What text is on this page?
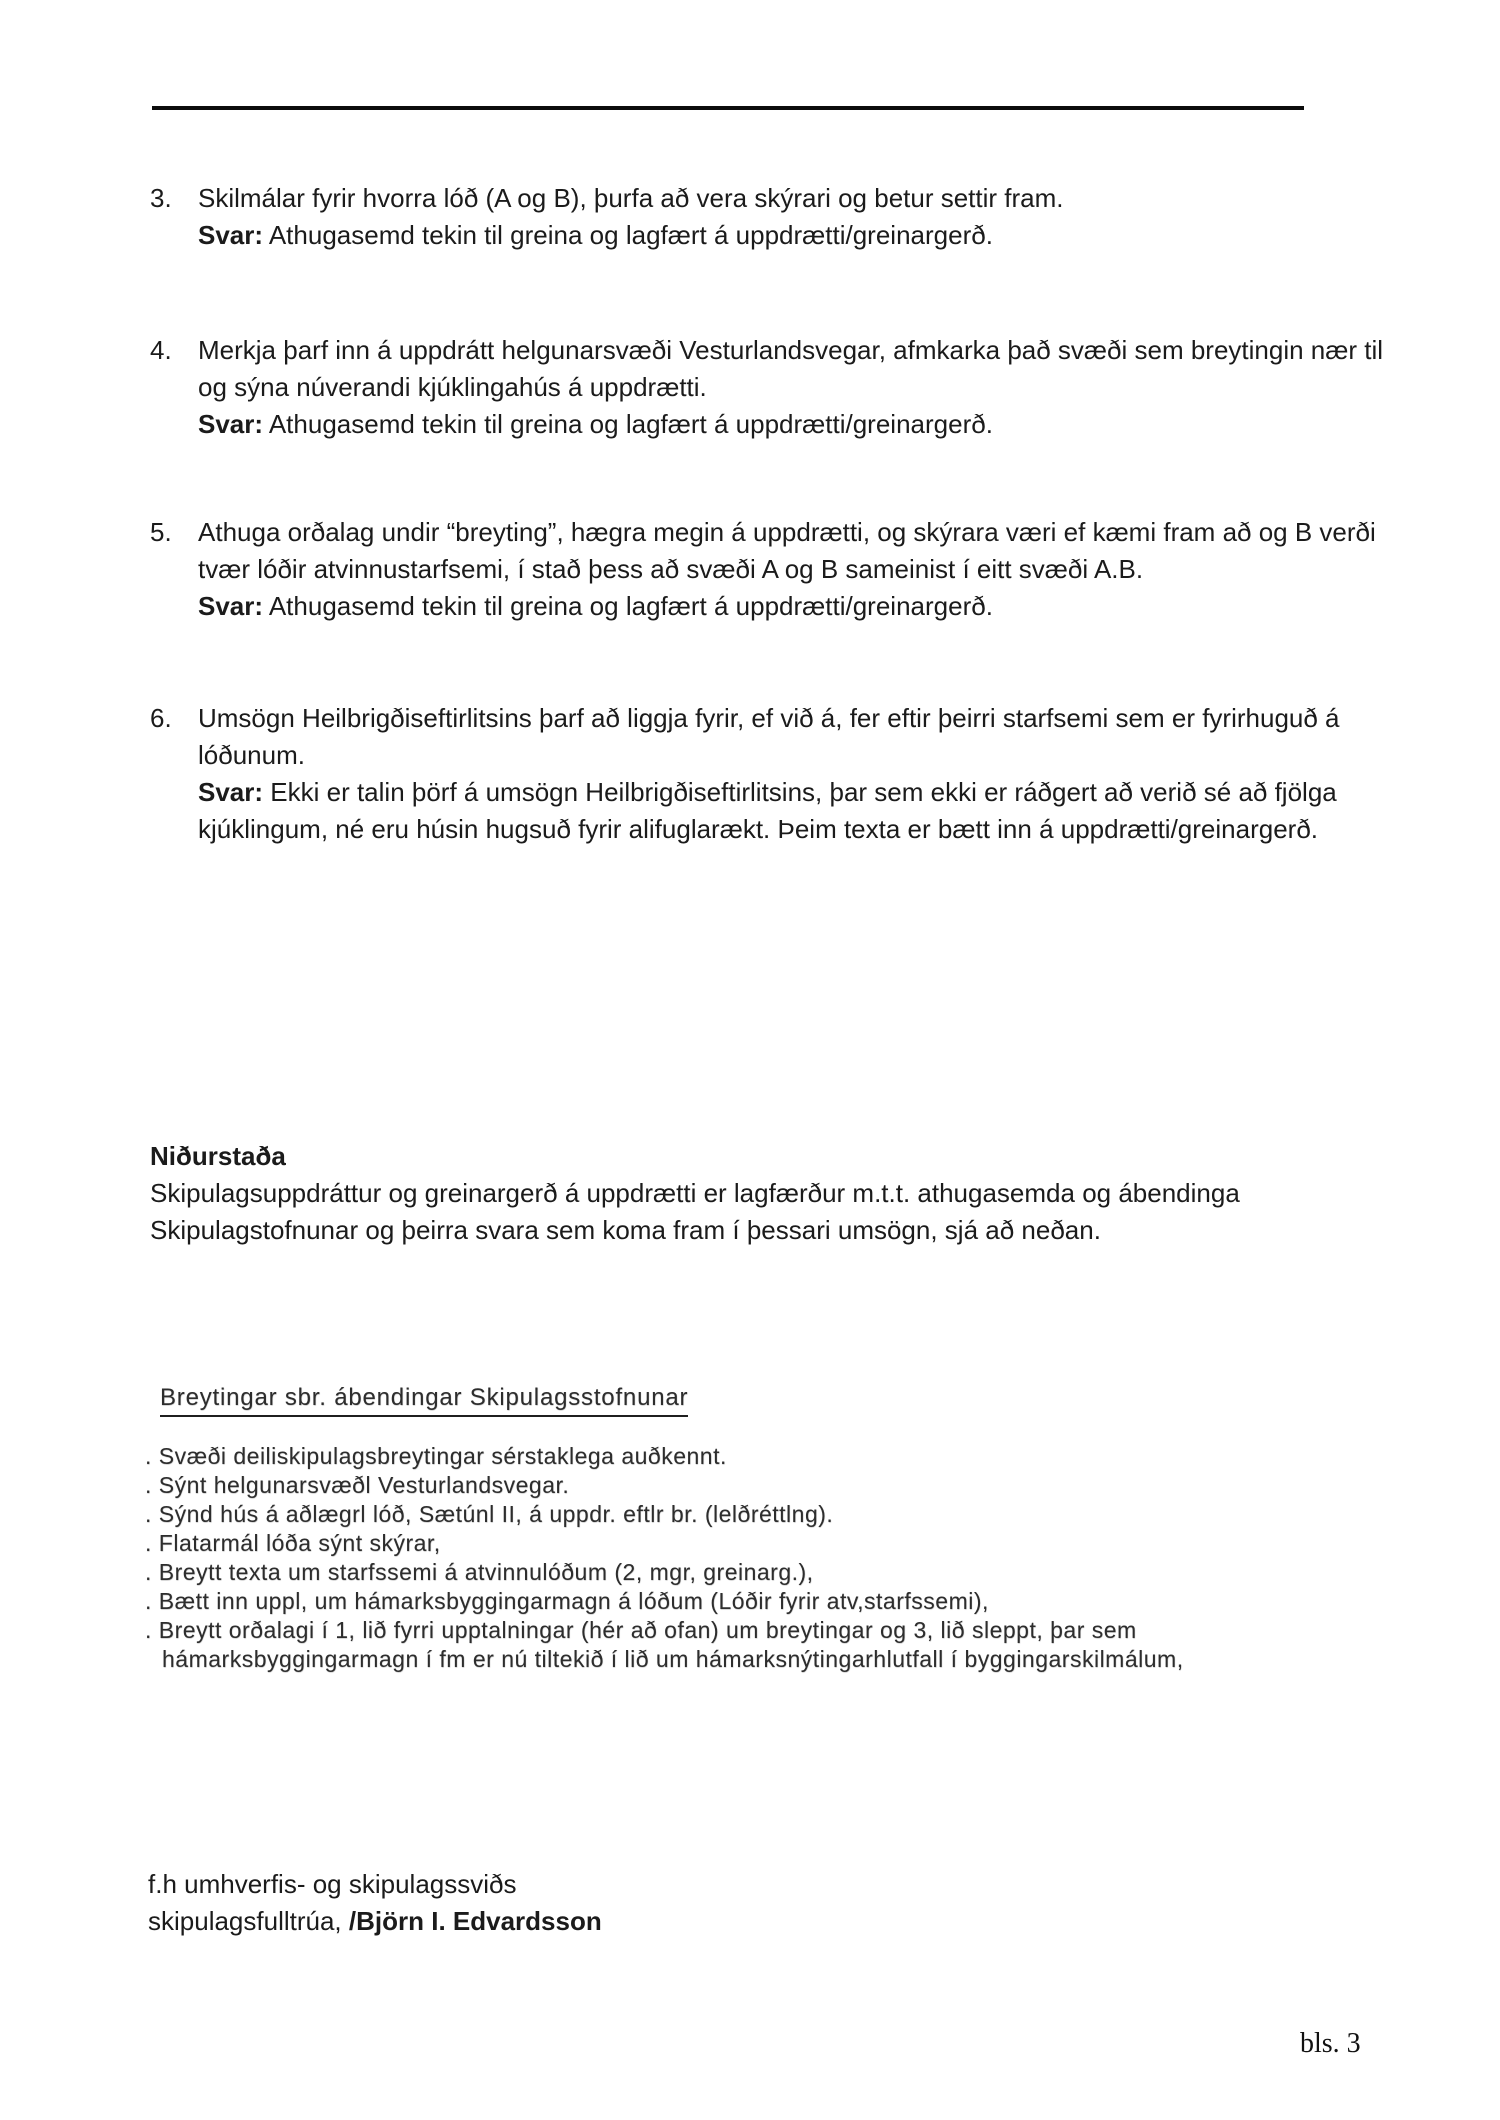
3.	Skilmálar fyrir hvorra lóð (A og B), þurfa að vera skýrari og betur settir fram.
Svar: Athugasemd tekin til greina og lagfært á uppdrætti/greinargerð.
4.	Merkja þarf inn á uppdrátt helgunarsvæði Vesturlandsvegar, afmkarka það svæði sem breytingin nær til og sýna núverandi kjúklingahús á uppdrætti.
Svar: Athugasemd tekin til greina og lagfært á uppdrætti/greinargerð.
5.	Athuga orðalag undir “breyting”, hægra megin á uppdrætti, og skýrara væri ef kæmi fram að og B verði tvær lóðir atvinnustarfsemi, í stað þess að svæði A og B sameinist í eitt svæði A.B.
Svar: Athugasemd tekin til greina og lagfært á uppdrætti/greinargerð.
6.	Umsögn Heilbrigðiseftirlitsins þarf að liggja fyrir, ef við á, fer eftir þeirri starfsemi sem er fyrirhuguð á lóðunum.
Svar: Ekki er talin þörf á umsögn Heilbrigðiseftirlitsins, þar sem ekki er ráðgert að verið sé að fjölga kjúklingum, né eru húsin hugsuð fyrir alifuglarækt. Þeim texta er bætt inn á uppdrætti/greinargerð.
Niðurstaða
Skipulagsuppdráttur og greinargerð á uppdrætti er lagfærður m.t.t. athugasemda og ábendinga Skipulagstofnunar og þeirra svara sem koma fram í þessari umsögn, sjá að neðan.
Breytingar sbr. ábendingar Skipulagsstofnunar
. Svæði deiliskipulagsbreytingar sérstaklega auðkennt.
. Sýnt helgunarsvæðl Vesturlandsvegar.
. Sýnd hús á aðlægrl lóð, Sætúnl II, á uppdr. eftlr br. (lelðréttlng).
. Flatarmál lóða sýnt skýrar,
. Breytt texta um starfssemi á atvinnulóðum (2, mgr, greinarg.),
. Bætt inn uppl, um hámarksbyggingarmagn á lóðum (Lóðir fyrir atv,starfssemi),
. Breytt orðalagi í 1, lið fyrri upptalningar (hér að ofan) um breytingar og 3, lið sleppt, þar sem hámarksbyggingarmagn í fm er nú tiltekið í lið um hámarksnýtingarhlutfall í byggingarskilmálum,
f.h umhverfis- og skipulagssviðs
skipulagsfulltrúa, /Björn I. Edvardsson
bls. 3
